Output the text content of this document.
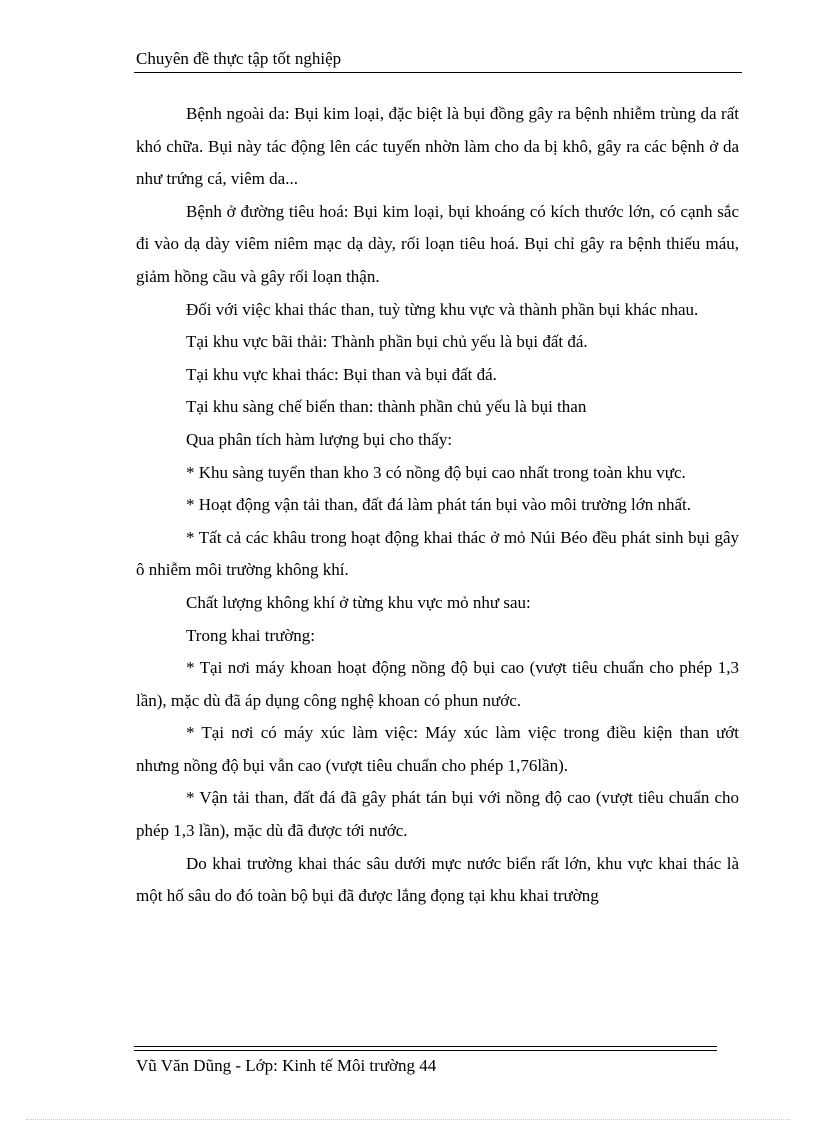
Chuyên đề thực tập tốt nghiệp

Bệnh ngoài da: Bụi kim loại, đặc biệt là bụi đồng gây ra bệnh nhiễm trùng da rất khó chữa. Bụi này tác động lên các tuyến nhờn làm cho da bị khô, gây ra các bệnh ở da như trứng cá, viêm da...

Bệnh ở đường tiêu hoá: Bụi kim loại, bụi khoáng có kích thước lớn, có cạnh sắc đi vào dạ dày viêm niêm mạc dạ dày, rối loạn tiêu hoá. Bụi chỉ gây ra bệnh thiếu máu, giảm hồng cầu và gây rối loạn thận.

Đối với việc khai thác than, tuỳ từng khu vực và thành phần bụi khác nhau.

Tại khu vực bãi thải: Thành phần bụi chủ yếu là bụi đất đá.

Tại khu vực khai thác: Bụi than và bụi đất đá.

Tại khu sàng chế biến than: thành phần chủ yếu là bụi than

Qua phân tích hàm lượng bụi cho thấy:

* Khu sàng tuyển than kho 3 có nồng độ bụi cao nhất trong toàn khu vực.

* Hoạt động vận tải than, đất đá làm phát tán bụi vào môi trường lớn nhất.

* Tất cả các khâu trong hoạt động khai thác ở mỏ Núi Béo đều phát sinh bụi gây ô nhiễm môi trường không khí.

Chất lượng không khí ở từng khu vực mỏ như sau:

Trong khai trường:

* Tại nơi máy khoan hoạt động nồng độ bụi cao (vượt tiêu chuẩn cho phép 1,3 lần), mặc dù đã áp dụng công nghệ khoan có phun nước.

* Tại nơi có máy xúc làm việc: Máy xúc làm việc trong điều kiện than ướt nhưng nồng độ bụi vẫn cao (vượt tiêu chuẩn cho phép 1,76lần).

* Vận tải than, đất đá đã gây phát tán bụi với nồng độ cao (vượt tiêu chuẩn cho phép 1,3 lần), mặc dù đã được tới nước.

Do khai trường khai thác sâu dưới mực nước biển rất lớn, khu vực khai thác là một hố sâu do đó toàn bộ bụi đã được lắng đọng tại khu khai trường

Vũ Văn Dũng - Lớp: Kinh tế Môi trường 44
